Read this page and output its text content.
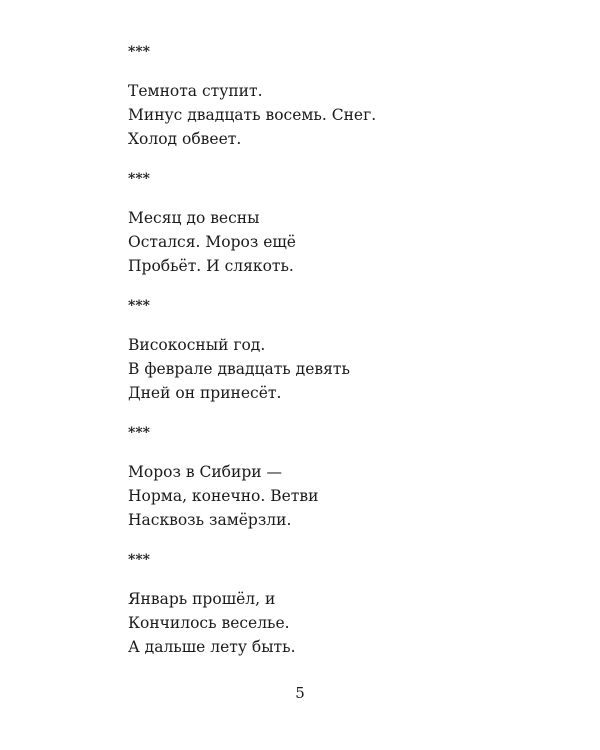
***

Темнота ступит.

Минус двадцать восемь. Снег.

Холод обвеет.

***

Месяц до весны

Остался. Мороз ещё

Пробьёт. И слякоть.

***

Високосный год.

В феврале двадцать девять

Дней он принесёт.

***

Мороз в Сибири —

Норма, конечно. Ветви

Насквозь замёрзли.

***

Январь прошёл, и

Кончилось веселье.

А дальше лету быть.

5
